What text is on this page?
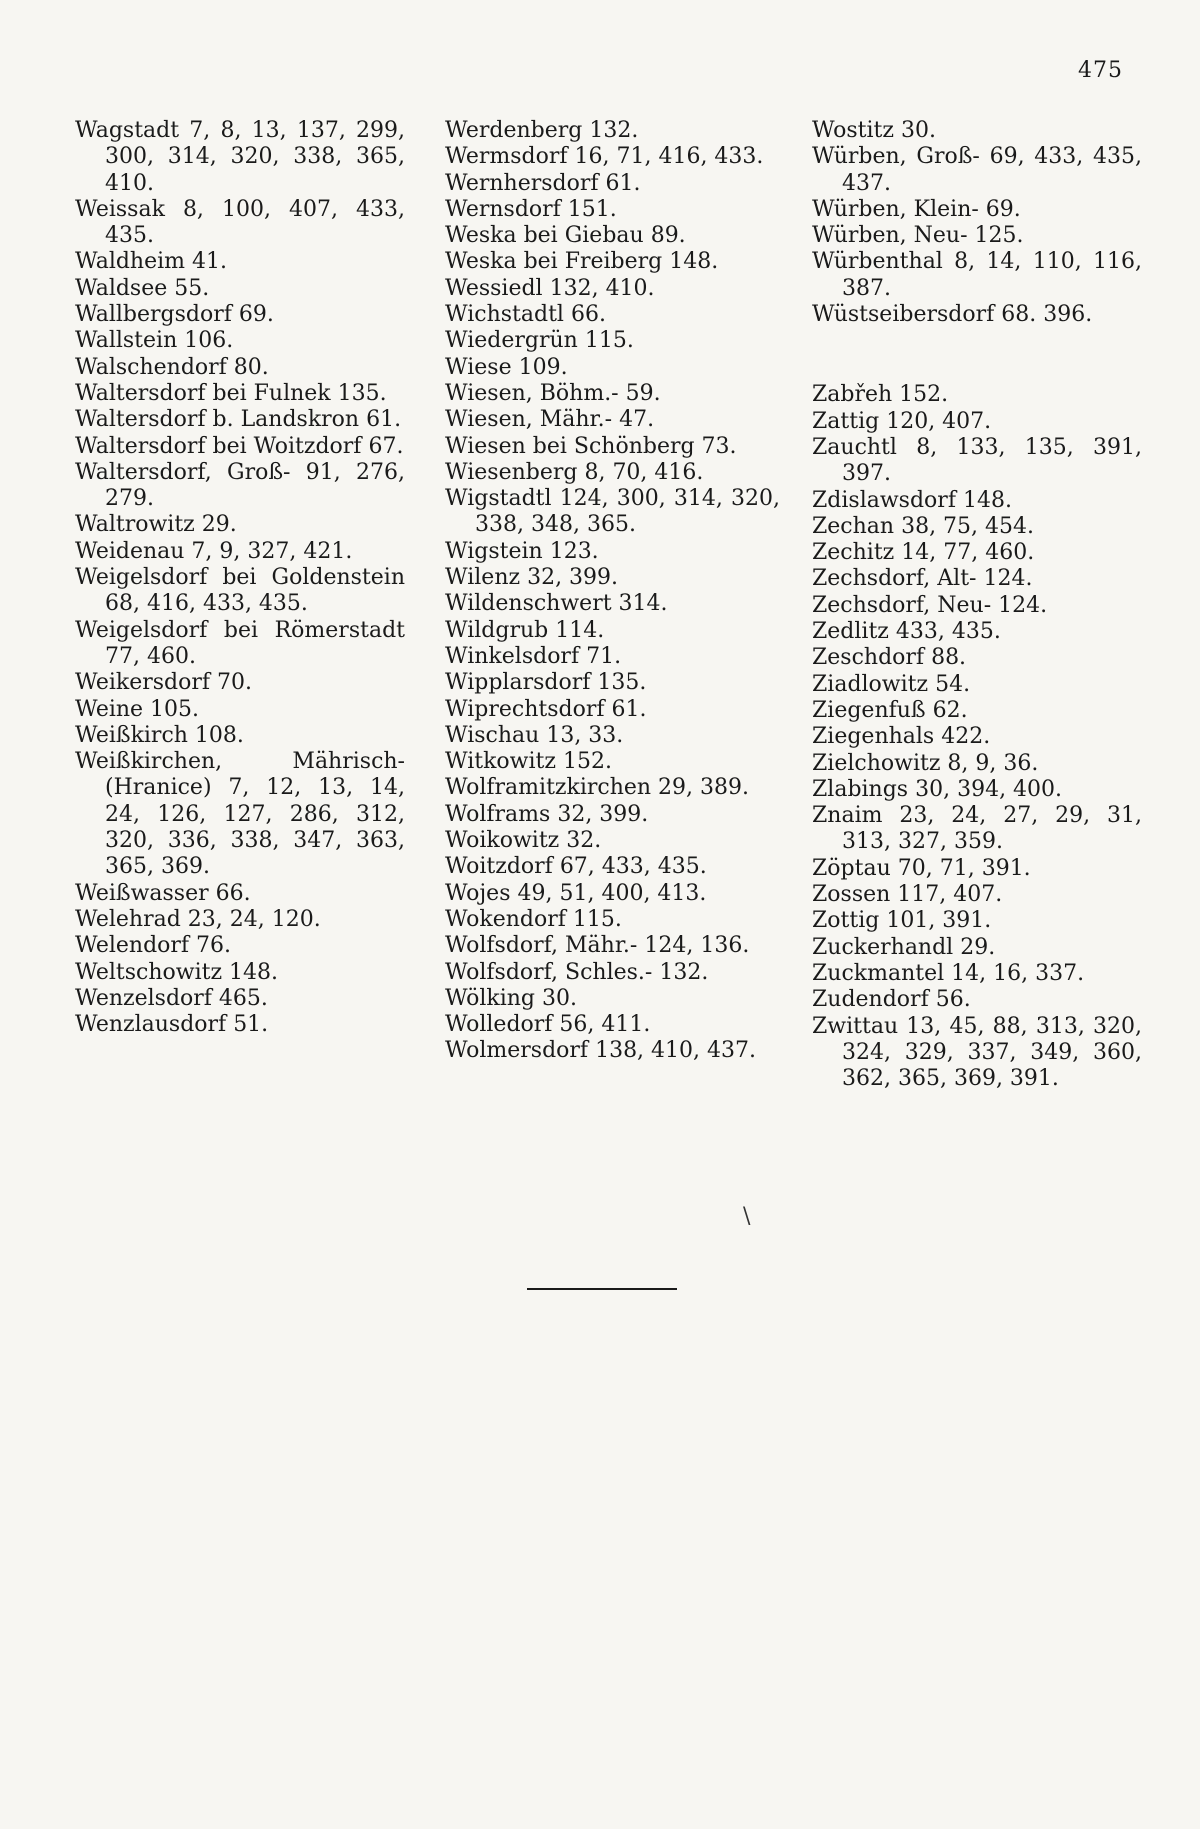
475

Wagstadt 7, 8, 13, 137, 299, 300, 314, 320, 338, 365, 410.

Weissak 8, 100, 407, 433, 435.

Waldheim 41.

Waldsee 55.

Wallbergsdorf 69.

Wallstein 106.

Walschendorf 80.

Waltersdorf bei Fulnek 135.

Waltersdorf b. Landskron 61.

Waltersdorf bei Woitzdorf 67.

Waltersdorf, Groß- 91, 276, 279.

Waltrowitz 29.

Weidenau 7, 9, 327, 421.

Weigelsdorf bei Goldenstein 68, 416, 433, 435.

Weigelsdorf bei Römerstadt 77, 460.

Weikersdorf 70.

Weine 105.

Weißkirch 108.

Weißkirchen, Mährisch- (Hranice) 7, 12, 13, 14, 24, 126, 127, 286, 312, 320, 336, 338, 347, 363, 365, 369.

Weißwasser 66.

Welehrad 23, 24, 120.

Welendorf 76.

Weltschowitz 148.

Wenzelsdorf 465.

Wenzlausdorf 51.

Werdenberg 132.

Wermsdorf 16, 71, 416, 433.

Wernhersdorf 61.

Wernsdorf 151.

Weska bei Giebau 89.

Weska bei Freiberg 148.

Wessiedl 132, 410.

Wichstadtl 66.

Wiedergrün 115.

Wiese 109.

Wiesen, Böhm.- 59.

Wiesen, Mähr.- 47.

Wiesen bei Schönberg 73.

Wiesenberg 8, 70, 416.

Wigstadtl 124, 300, 314, 320, 338, 348, 365.

Wigstein 123.

Wilenz 32, 399.

Wildenschwert 314.

Wildgrub 114.

Winkelsdorf 71.

Wipplarsdorf 135.

Wiprechtsdorf 61.

Wischau 13, 33.

Witkowitz 152.

Wolframitzkirchen 29, 389.

Wolframs 32, 399.

Woikowitz 32.

Woitzdorf 67, 433, 435.

Wojes 49, 51, 400, 413.

Wokendorf 115.

Wolfsdorf, Mähr.- 124, 136.

Wolfsdorf, Schles.- 132.

Wölking 30.

Wolledorf 56, 411.

Wolmersdorf 138, 410, 437.

Wostitz 30.

Würben, Groß- 69, 433, 435, 437.

Würben, Klein- 69.

Würben, Neu- 125.

Würbenthal 8, 14, 110, 116, 387.

Wüstseibersdorf 68. 396.

Zabřeh 152.

Zattig 120, 407.

Zauchtl 8, 133, 135, 391, 397.

Zdislawsdorf 148.

Zechan 38, 75, 454.

Zechitz 14, 77, 460.

Zechsdorf, Alt- 124.

Zechsdorf, Neu- 124.

Zedlitz 433, 435.

Zeschdorf 88.

Ziadlowitz 54.

Ziegenfuß 62.

Ziegenhals 422.

Zielchowitz 8, 9, 36.

Zlabings 30, 394, 400.

Znaim 23, 24, 27, 29, 31, 313, 327, 359.

Zöptau 70, 71, 391.

Zossen 117, 407.

Zottig 101, 391.

Zuckerhandl 29.

Zuckmantel 14, 16, 337.

Zudendorf 56.

Zwittau 13, 45, 88, 313, 320, 324, 329, 337, 349, 360, 362, 365, 369, 391.

\
